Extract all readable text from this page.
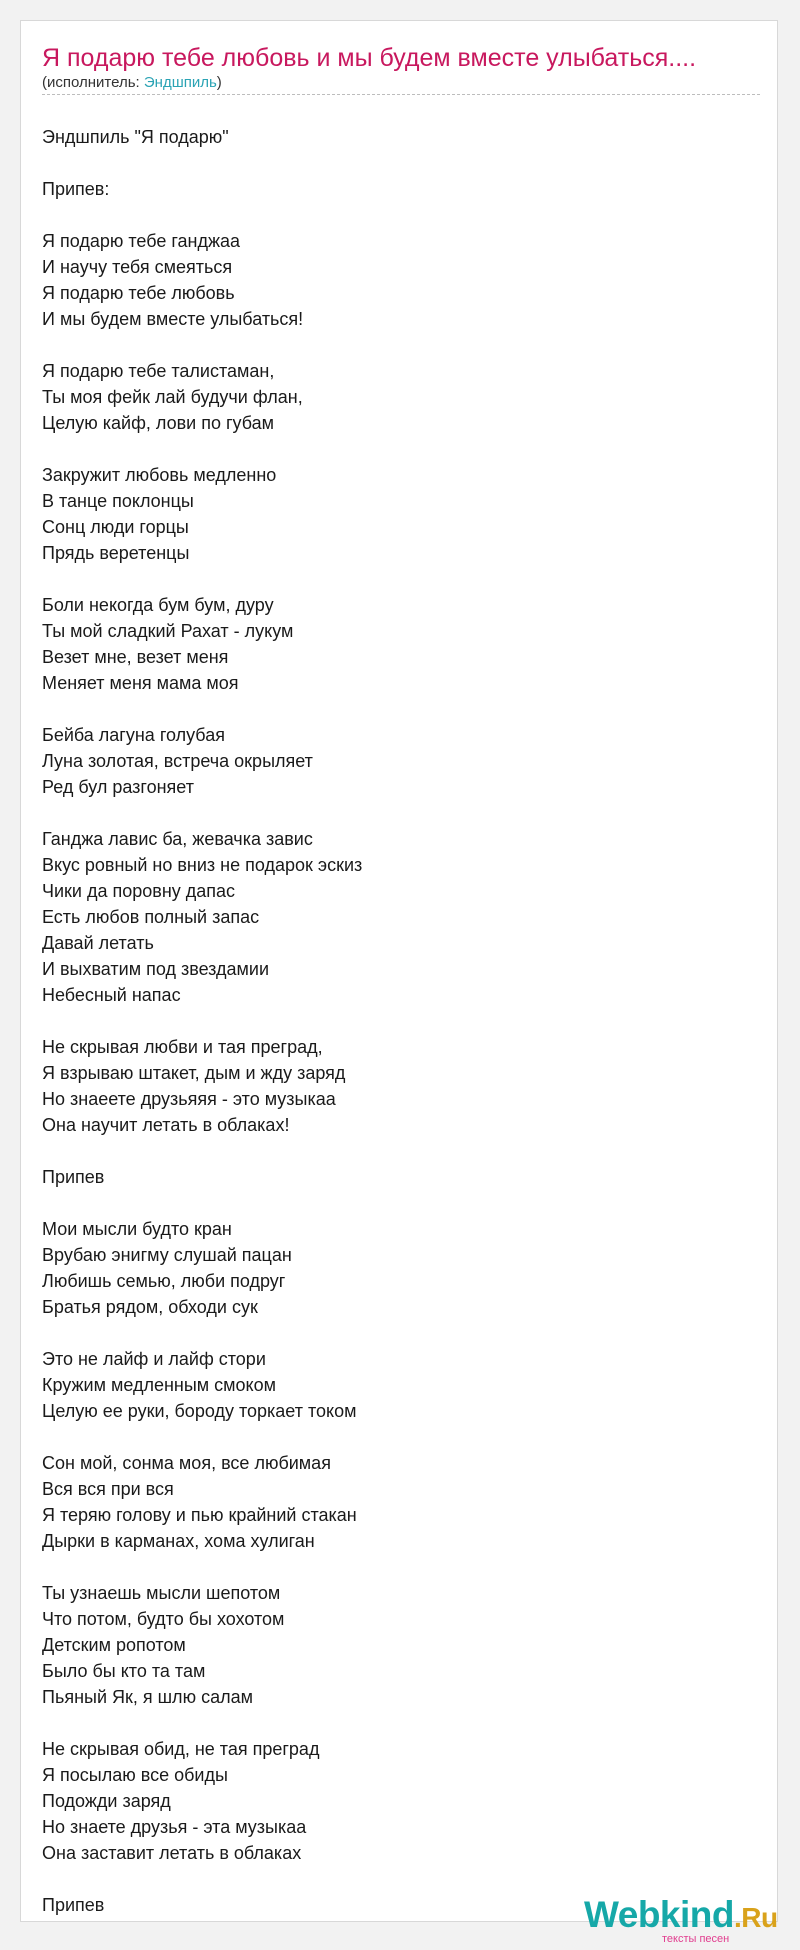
Я подарю тебе любовь и мы будем вместе улыбаться....
(исполнитель: Эндшпиль)
Эндшпиль "Я подарю"
Припев:
Я подарю тебе ганджаа
И научу тебя смеяться
Я подарю тебе любовь
И мы будем вместе улыбаться!
Я подарю тебе талистаман,
Ты моя фейк лай будучи флан,
Целую кайф, лови по губам
Закружит любовь медленно
В танце поклонцы
Сонц люди горцы
Прядь веретенцы
Боли некогда бум бум, дуру
Ты мой сладкий Рахат - лукум
Везет мне, везет меня
Меняет меня мама моя
Бейба лагуна голубая
Луна золотая, встреча окрыляет
Ред бул разгоняет
Ганджа лавис ба, жевачка завис
Вкус ровный но вниз не подарок эскиз
Чики да поровну дапас
Есть любов полный запас
Давай летать
И выхватим под звездамии
Небесный напас
Не скрывая любви и тая преград,
Я взрываю штакет, дым и жду заряд
Но знаеете друзьяяя - это музыкаа
Она научит летать в облаках!
Припев
Мои мысли будто кран
Врубаю энигму слушай пацан
Любишь семью, люби подруг
Братья рядом, обходи сук
Это не лайф и лайф стори
Кружим медленным смоком
Целую ее руки, бороду торкает током
Сон мой, сонма моя, все любимая
Вся вся при вся
Я теряю голову и пью крайний стакан
Дырки в карманах, хома хулиган
Ты узнаешь мысли шепотом
Что потом, будто бы хохотом
Детским ропотом
Было бы кто та там
Пьяный Як, я шлю салам
Не скрывая обид, не тая преград
Я посылаю все обиды
Подожди заряд
Но знаете друзья - эта музыкаа
Она заставит летать в облаках
Припев	Webkind.Ru
тексты песен
